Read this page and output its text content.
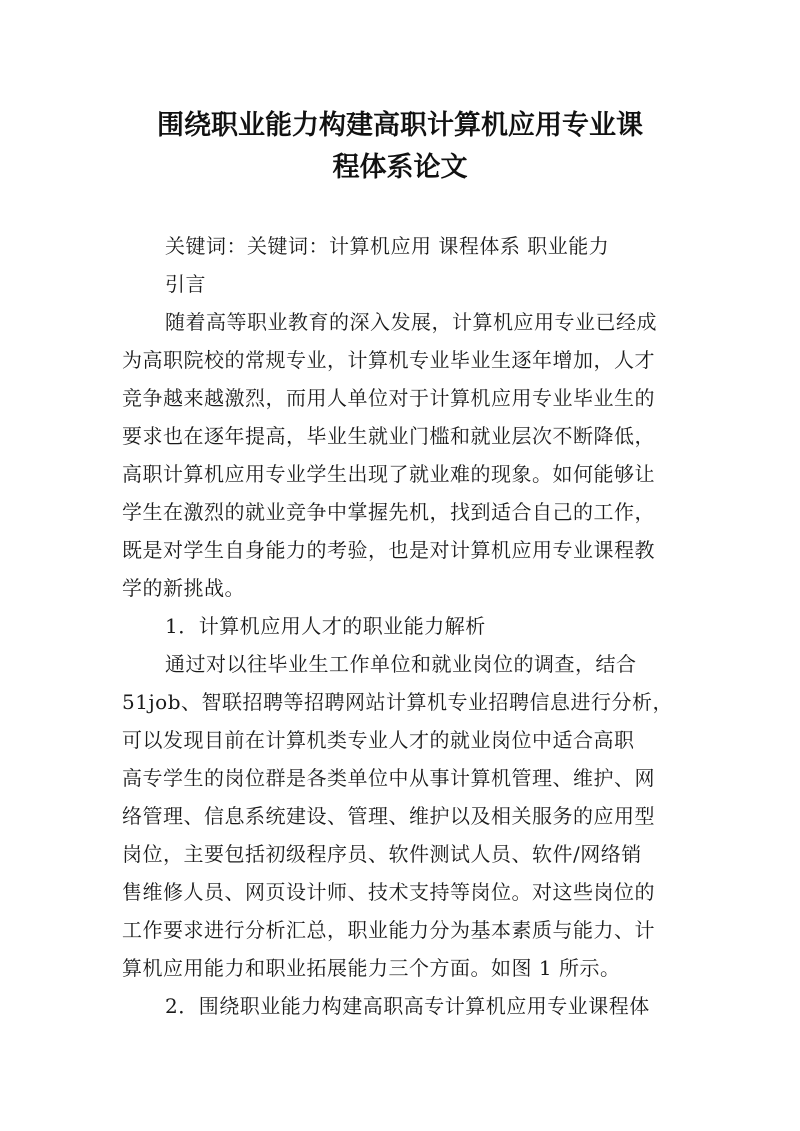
围绕职业能力构建高职计算机应用专业课
程体系论文
关键词：关键词：计算机应用 课程体系 职业能力
引言
随着高等职业教育的深入发展，计算机应用专业已经成
为高职院校的常规专业，计算机专业毕业生逐年增加，人才
竞争越来越激烈，而用人单位对于计算机应用专业毕业生的
要求也在逐年提高，毕业生就业门槛和就业层次不断降低，
高职计算机应用专业学生出现了就业难的现象。如何能够让
学生在激烈的就业竞争中掌握先机，找到适合自己的工作，
既是对学生自身能力的考验，也是对计算机应用专业课程教
学的新挑战。
1．计算机应用人才的职业能力解析
通过对以往毕业生工作单位和就业岗位的调查，结合
51job、智联招聘等招聘网站计算机专业招聘信息进行分析，
可以发现目前在计算机类专业人才的就业岗位中适合高职
高专学生的岗位群是各类单位中从事计算机管理、维护、网
络管理、信息系统建设、管理、维护以及相关服务的应用型
岗位，主要包括初级程序员、软件测试人员、软件/网络销
售维修人员、网页设计师、技术支持等岗位。对这些岗位的
工作要求进行分析汇总，职业能力分为基本素质与能力、计
算机应用能力和职业拓展能力三个方面。如图 1 所示。
2．围绕职业能力构建高职高专计算机应用专业课程体
